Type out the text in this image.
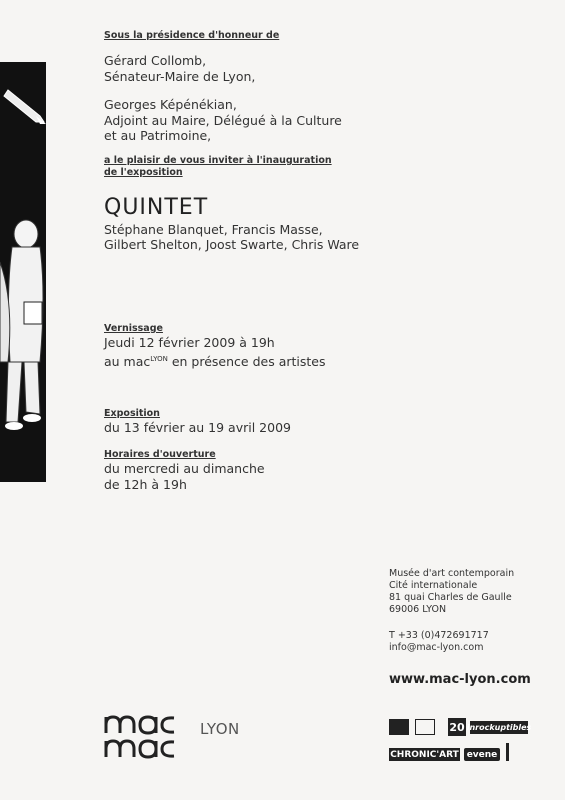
Sous la présidence d'honneur de
Gérard Collomb,
Sénateur-Maire de Lyon,
Georges Képénékian,
Adjoint au Maire, Délégué à la Culture
et au Patrimoine,
a le plaisir de vous inviter à l'inauguration
de l'exposition
QUINTET
Stéphane Blanquet, Francis Masse,
Gilbert Shelton, Joost Swarte, Chris Ware
Vernissage
Jeudi 12 février 2009 à 19h
au mac$^{LYON}$ en présence des artistes
Exposition
du 13 février au 19 avril 2009
Horaires d'ouverture
du mercredi au dimanche
de 12h à 19h
Musée d'art contemporain
Cité internationale
81 quai Charles de Gaulle
69006 LYON
T +33 (0)472691717
info@mac-lyon.com
www.mac-lyon.com
LYON	20 inrockuptibles
CHRONIC'ART evene
